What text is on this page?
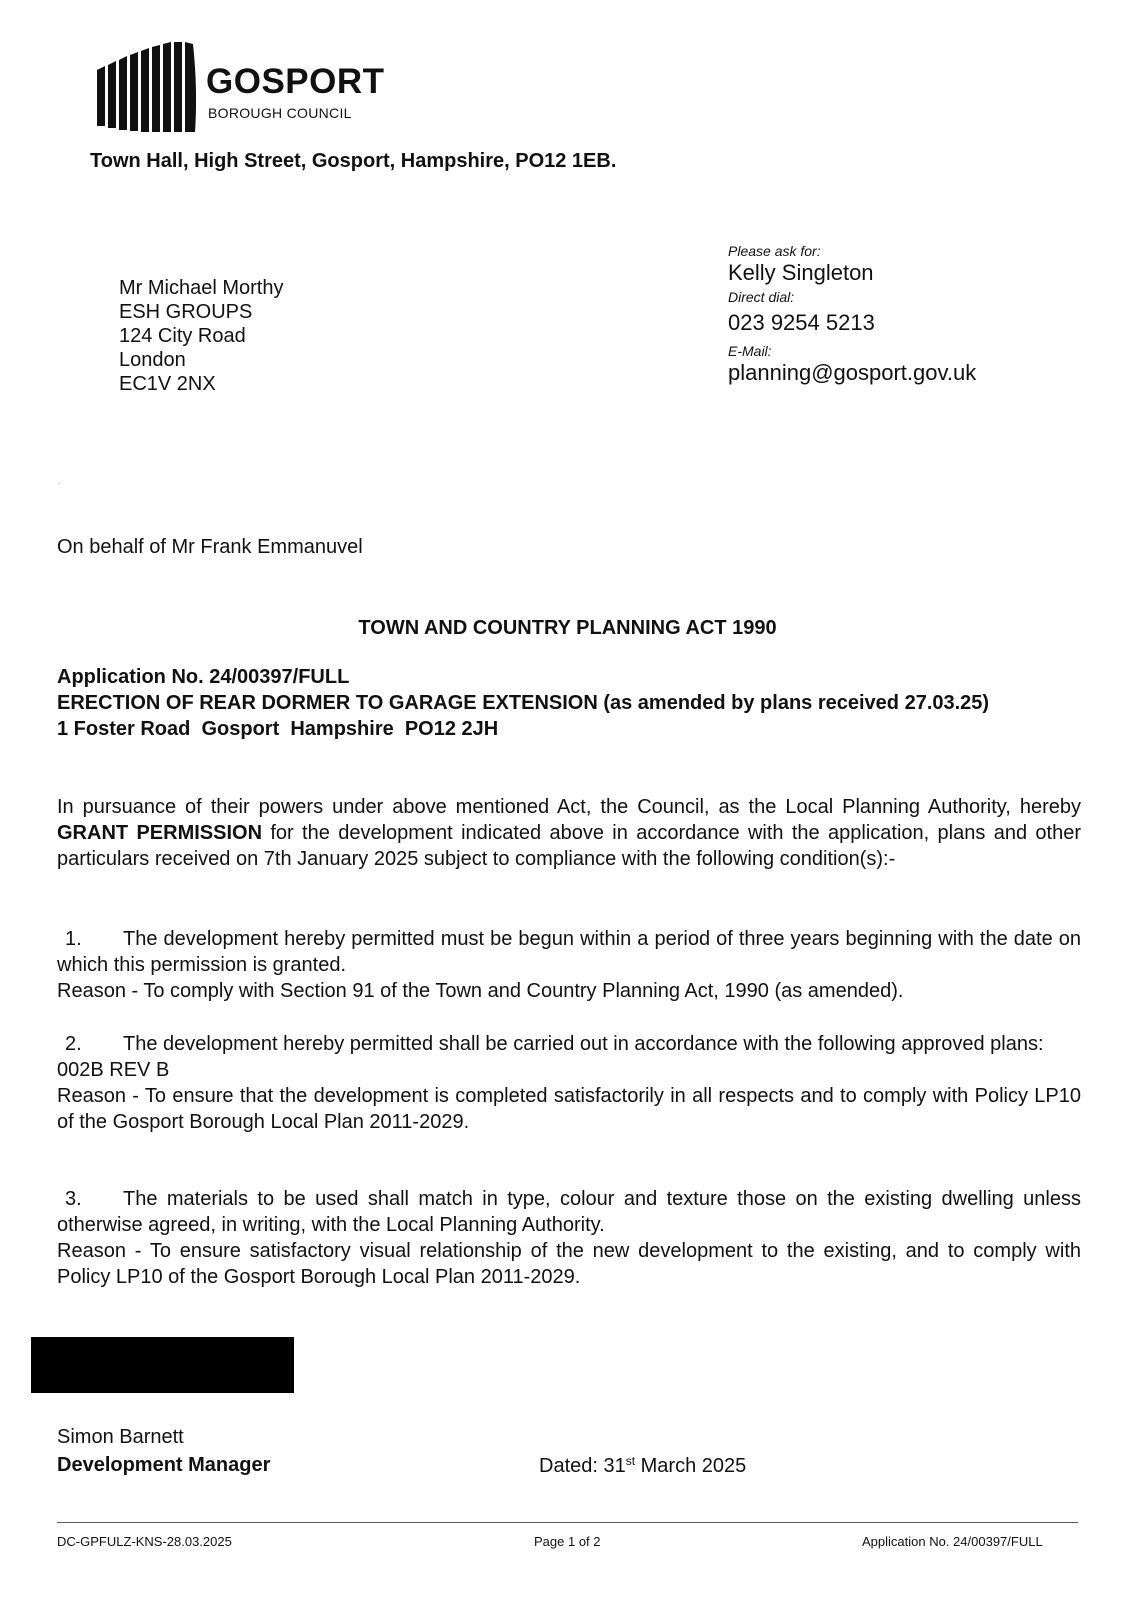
GOSPORT
BOROUGH COUNCIL
Town Hall, High Street, Gosport, Hampshire, PO12 1EB.
Mr Michael Morthy
ESH GROUPS
124 City Road
London
EC1V 2NX
Please ask for:
Kelly Singleton
Direct dial:
023 9254 5213
E-Mail:
planning@gosport.gov.uk
.
On behalf of Mr Frank Emmanuvel
TOWN AND COUNTRY PLANNING ACT 1990
Application No. 24/00397/FULL
ERECTION OF REAR DORMER TO GARAGE EXTENSION (as amended by plans received 27.03.25)
1 Foster Road  Gosport  Hampshire  PO12 2JH
In pursuance of their powers under above mentioned Act, the Council, as the Local Planning Authority, hereby GRANT PERMISSION for the development indicated above in accordance with the application, plans and other particulars received on 7th January 2025 subject to compliance with the following condition(s):-
1. The development hereby permitted must be begun within a period of three years beginning with the date on which this permission is granted.
Reason - To comply with Section 91 of the Town and Country Planning Act, 1990 (as amended).
2. The development hereby permitted shall be carried out in accordance with the following approved plans:
002B REV B
Reason - To ensure that the development is completed satisfactorily in all respects and to comply with Policy LP10 of the Gosport Borough Local Plan 2011-2029.
3. The materials to be used shall match in type, colour and texture those on the existing dwelling unless otherwise agreed, in writing, with the Local Planning Authority.
Reason - To ensure satisfactory visual relationship of the new development to the existing, and to comply with Policy LP10 of the Gosport Borough Local Plan 2011-2029.
Simon Barnett
Development Manager	Dated: 31st March 2025
DC-GPFULZ-KNS-28.03.2025	Page 1 of 2	Application No. 24/00397/FULL
